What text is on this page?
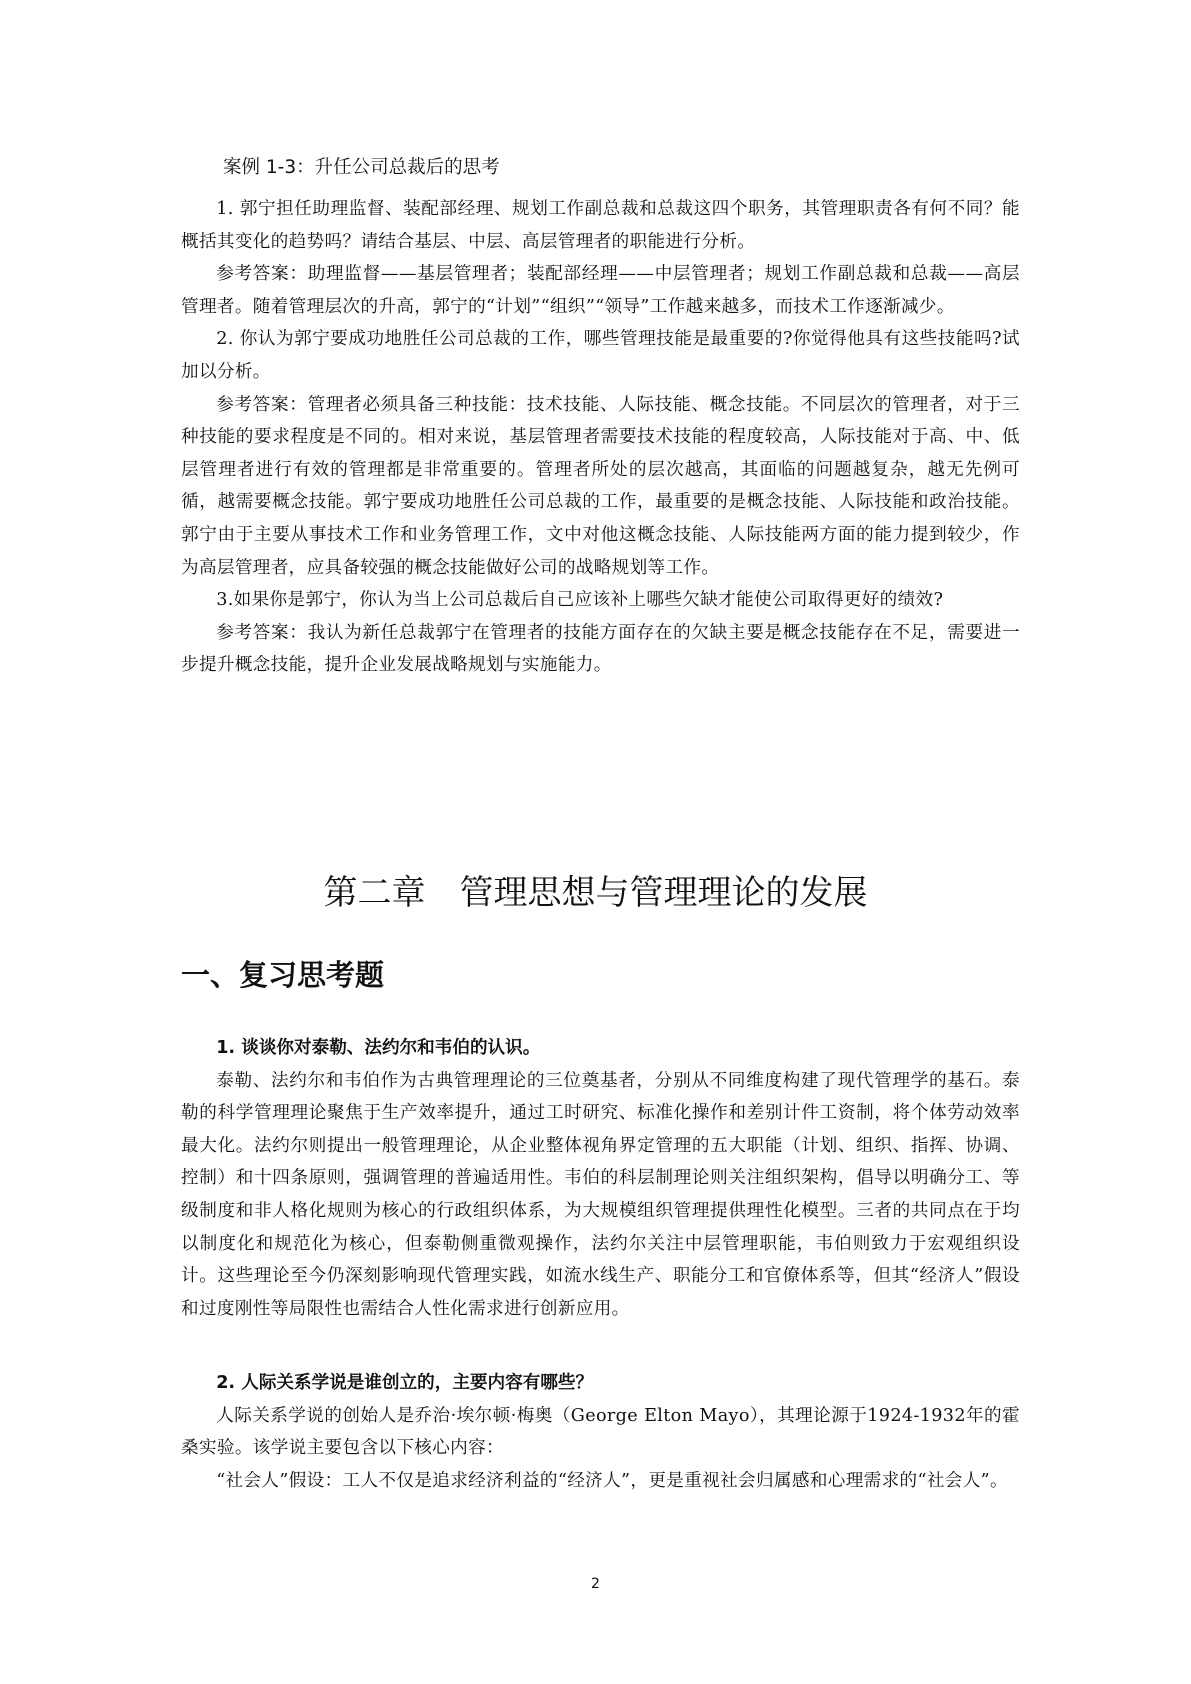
案例 1-3：升任公司总裁后的思考

1. 郭宁担任助理监督、装配部经理、规划工作副总裁和总裁这四个职务，其管理职责各有何不同？能概括其变化的趋势吗？请结合基层、中层、高层管理者的职能进行分析。

参考答案：助理监督——基层管理者；装配部经理——中层管理者；规划工作副总裁和总裁——高层管理者。随着管理层次的升高，郭宁的“计划”“组织”“领导”工作越来越多，而技术工作逐渐减少。

2. 你认为郭宁要成功地胜任公司总裁的工作，哪些管理技能是最重要的?你觉得他具有这些技能吗?试加以分析。

参考答案：管理者必须具备三种技能：技术技能、人际技能、概念技能。不同层次的管理者，对于三种技能的要求程度是不同的。相对来说，基层管理者需要技术技能的程度较高，人际技能对于高、中、低层管理者进行有效的管理都是非常重要的。管理者所处的层次越高，其面临的问题越复杂，越无先例可循，越需要概念技能。郭宁要成功地胜任公司总裁的工作，最重要的是概念技能、人际技能和政治技能。郭宁由于主要从事技术工作和业务管理工作，文中对他这概念技能、人际技能两方面的能力提到较少，作为高层管理者，应具备较强的概念技能做好公司的战略规划等工作。

3.如果你是郭宁，你认为当上公司总裁后自己应该补上哪些欠缺才能使公司取得更好的绩效?

参考答案：我认为新任总裁郭宁在管理者的技能方面存在的欠缺主要是概念技能存在不足，需要进一步提升概念技能，提升企业发展战略规划与实施能力。

第二章　管理思想与管理理论的发展
一、复习思考题

1. 谈谈你对泰勒、法约尔和韦伯的认识。

泰勒、法约尔和韦伯作为古典管理理论的三位奠基者，分别从不同维度构建了现代管理学的基石。泰勒的科学管理理论聚焦于生产效率提升，通过工时研究、标准化操作和差别计件工资制，将个体劳动效率最大化。法约尔则提出一般管理理论，从企业整体视角界定管理的五大职能（计划、组织、指挥、协调、控制）和十四条原则，强调管理的普遍适用性。韦伯的科层制理论则关注组织架构，倡导以明确分工、等级制度和非人格化规则为核心的行政组织体系，为大规模组织管理提供理性化模型。三者的共同点在于均以制度化和规范化为核心，但泰勒侧重微观操作，法约尔关注中层管理职能，韦伯则致力于宏观组织设计。这些理论至今仍深刻影响现代管理实践，如流水线生产、职能分工和官僚体系等，但其“经济人”假设和过度刚性等局限性也需结合人性化需求进行创新应用。

2. 人际关系学说是谁创立的，主要内容有哪些？

人际关系学说的创始人是乔治·埃尔顿·梅奥（George Elton Mayo），其理论源于1924-1932年的霍桑实验。该学说主要包含以下核心内容：

“社会人”假设：工人不仅是追求经济利益的“经济人”，更是重视社会归属感和心理需求的“社会人”。

2
